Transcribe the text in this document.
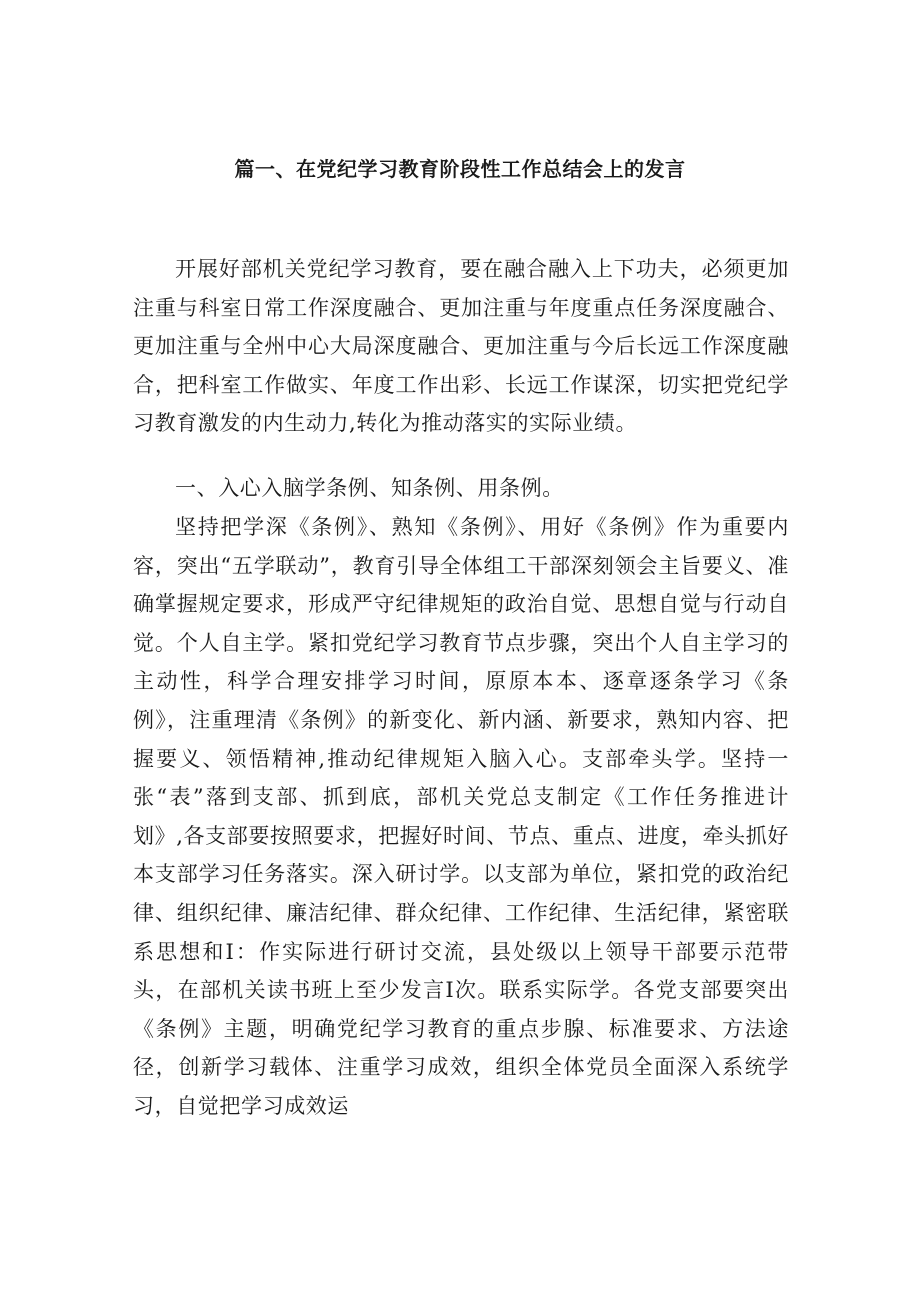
篇一、在党纪学习教育阶段性工作总结会上的发言

开展好部机关党纪学习教育，要在融合融入上下功夫，必须更加注重与科室日常工作深度融合、更加注重与年度重点任务深度融合、更加注重与全州中心大局深度融合、更加注重与今后长远工作深度融合，把科室工作做实、年度工作出彩、长远工作谋深，切实把党纪学习教育激发的内生动力,转化为推动落实的实际业绩。

一、入心入脑学条例、知条例、用条例。

坚持把学深《条例》、熟知《条例》、用好《条例》作为重要内容，突出“五学联动”，教育引导全体组工干部深刻领会主旨要义、准确掌握规定要求，形成严守纪律规矩的政治自觉、思想自觉与行动自觉。个人自主学。紧扣党纪学习教育节点步骤，突出个人自主学习的主动性，科学合理安排学习时间，原原本本、逐章逐条学习《条例》，注重理清《条例》的新变化、新内涵、新要求，熟知内容、把握要义、领悟精神,推动纪律规矩入脑入心。支部牵头学。坚持一张“表”落到支部、抓到底，部机关党总支制定《工作任务推进计划》,各支部要按照要求，把握好时间、节点、重点、进度，牵头抓好本支部学习任务落实。深入研讨学。以支部为单位，紧扣党的政治纪律、组织纪律、廉洁纪律、群众纪律、工作纪律、生活纪律，紧密联系思想和I：作实际进行研讨交流，县处级以上领导干部要示范带头，在部机关读书班上至少发言I次。联系实际学。各党支部要突出《条例》主题，明确党纪学习教育的重点步腺、标准要求、方法途径，创新学习载体、注重学习成效，组织全体党员全面深入系统学习，自觉把学习成效运
